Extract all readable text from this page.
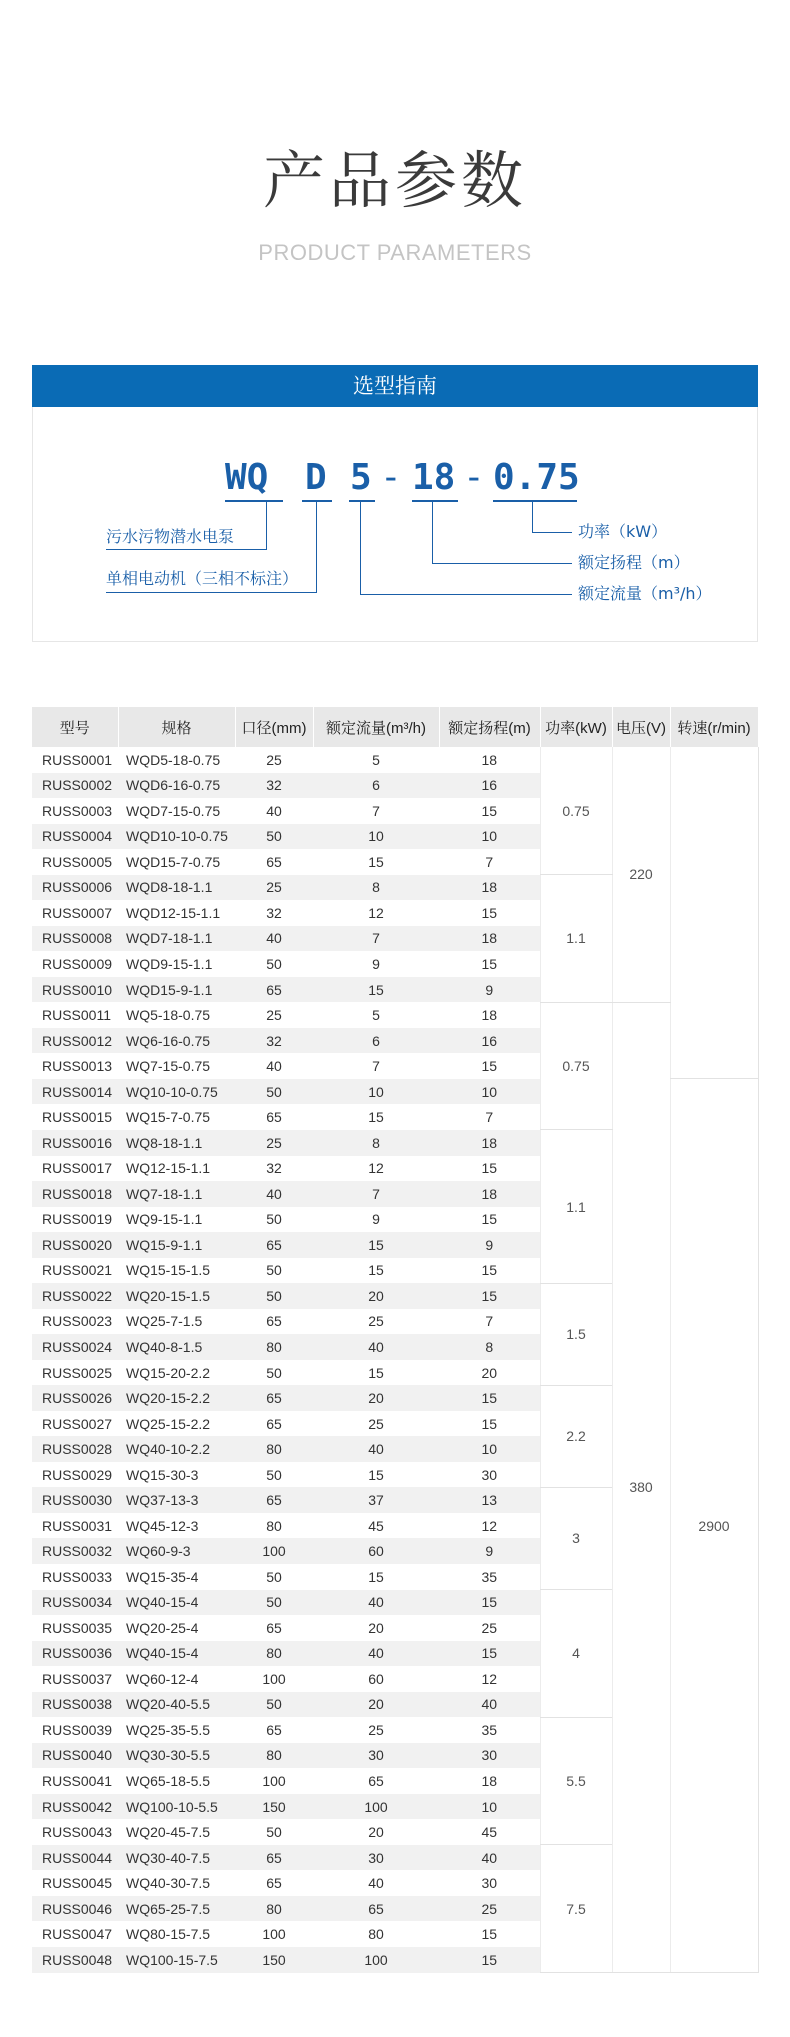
产品参数
PRODUCT PARAMETERS
选型指南
WQ D 5 - 18 - 0.75
污水污物潜水电泵
单相电动机（三相不标注）
功率（kW）
额定扬程（m）
额定流量（m³/h）
型号	规格	口径(mm)	额定流量(m³/h)	额定扬程(m)	功率(kW)	电压(V)	转速(r/min)
RUSS0001	WQD5-18-0.75	25	5	18	0.75	220	
RUSS0002	WQD6-16-0.75	32	6	16			
RUSS0003	WQD7-15-0.75	40	7	15			
RUSS0004	WQD10-10-0.75	50	10	10			
RUSS0005	WQD15-7-0.75	65	15	7			
RUSS0006	WQD8-18-1.1	25	8	18	1.1		
RUSS0007	WQD12-15-1.1	32	12	15			
RUSS0008	WQD7-18-1.1	40	7	18			
RUSS0009	WQD9-15-1.1	50	9	15			
RUSS0010	WQD15-9-1.1	65	15	9			
RUSS0011	WQ5-18-0.75	25	5	18	0.75	380	
RUSS0012	WQ6-16-0.75	32	6	16			
RUSS0013	WQ7-15-0.75	40	7	15			
RUSS0014	WQ10-10-0.75	50	10	10			2900
RUSS0015	WQ15-7-0.75	65	15	7			
RUSS0016	WQ8-18-1.1	25	8	18	1.1		
RUSS0017	WQ12-15-1.1	32	12	15			
RUSS0018	WQ7-18-1.1	40	7	18			
RUSS0019	WQ9-15-1.1	50	9	15			
RUSS0020	WQ15-9-1.1	65	15	9			
RUSS0021	WQ15-15-1.5	50	15	15			
RUSS0022	WQ20-15-1.5	50	20	15	1.5		
RUSS0023	WQ25-7-1.5	65	25	7			
RUSS0024	WQ40-8-1.5	80	40	8			
RUSS0025	WQ15-20-2.2	50	15	20			
RUSS0026	WQ20-15-2.2	65	20	15	2.2		
RUSS0027	WQ25-15-2.2	65	25	15			
RUSS0028	WQ40-10-2.2	80	40	10			
RUSS0029	WQ15-30-3	50	15	30			
RUSS0030	WQ37-13-3	65	37	13	3		
RUSS0031	WQ45-12-3	80	45	12			
RUSS0032	WQ60-9-3	100	60	9			
RUSS0033	WQ15-35-4	50	15	35			
RUSS0034	WQ40-15-4	50	40	15	4		
RUSS0035	WQ20-25-4	65	20	25			
RUSS0036	WQ40-15-4	80	40	15			
RUSS0037	WQ60-12-4	100	60	12			
RUSS0038	WQ20-40-5.5	50	20	40			
RUSS0039	WQ25-35-5.5	65	25	35	5.5		
RUSS0040	WQ30-30-5.5	80	30	30			
RUSS0041	WQ65-18-5.5	100	65	18			
RUSS0042	WQ100-10-5.5	150	100	10			
RUSS0043	WQ20-45-7.5	50	20	45			
RUSS0044	WQ30-40-7.5	65	30	40	7.5		
RUSS0045	WQ40-30-7.5	65	40	30			
RUSS0046	WQ65-25-7.5	80	65	25			
RUSS0047	WQ80-15-7.5	100	80	15			
RUSS0048	WQ100-15-7.5	150	100	15			
